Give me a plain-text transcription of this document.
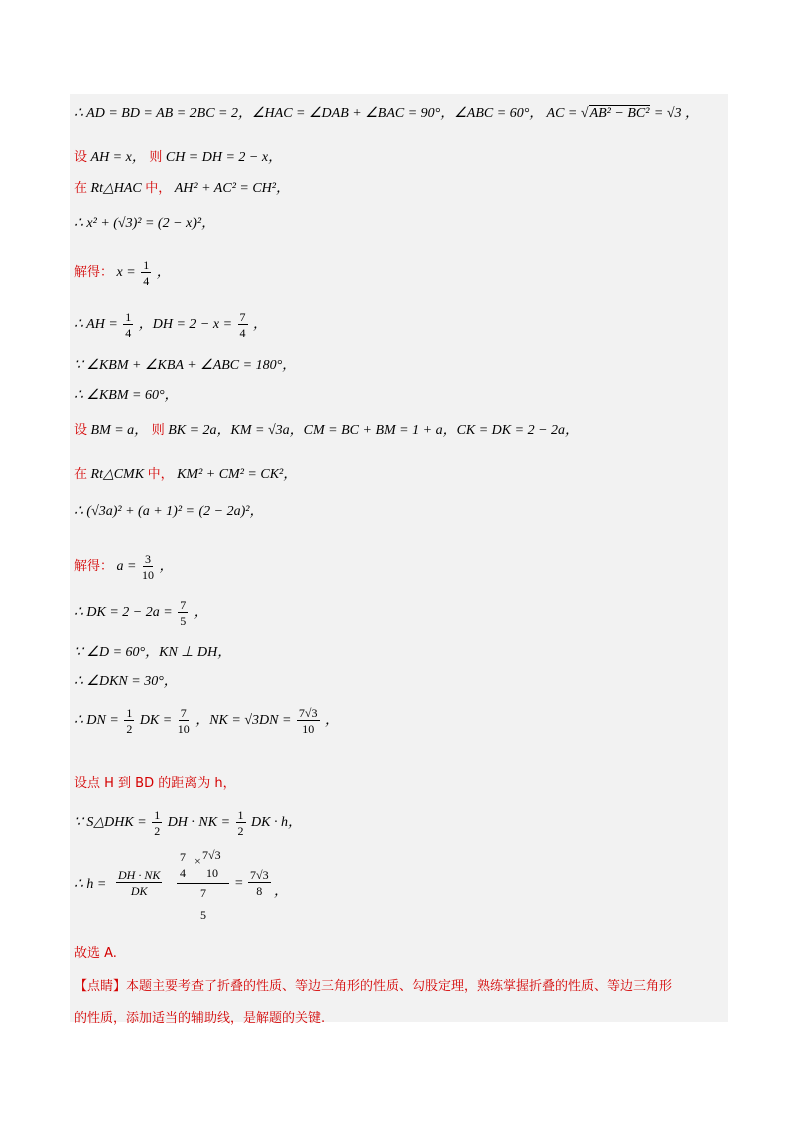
∴ AD = BD = AB = 2BC = 2，∠HAC = ∠DAB + ∠BAC = 90°，∠ABC = 60°， AC = √AB² − BC² = √3 ，
设 AH = x， 则 CH = DH = 2 − x，
在 Rt△HAC 中， AH² + AC² = CH²，
∴ x² + (√3)² = (2 − x)²，
解得： $x = \frac{1}{4}$ ，
∴ AH = $\frac{1}{4}$ ，DH = $2 - x = \frac{7}{4}$ ，
∵ ∠KBM + ∠KBA + ∠ABC = 180°，
∴ ∠KBM = 60°，
设 BM = a， 则 BK = 2a，KM = √3a，CM = BC + BM = 1 + a，CK = DK = 2 − 2a，
在 Rt△CMK 中， KM² + CM² = CK²，
∴ (√3a)² + (a + 1)² = (2 − 2a)²，
解得： $a = \frac{3}{10}$ ，
∴ DK = $2 - 2a = \frac{7}{5}$ ，
∵ ∠D = 60°，KN ⊥ DH，
∴ ∠DKN = 30°，
∴ DN = $\frac{1}{2}$ DK = $\frac{7}{10}$ ，NK = $√3DN = \frac{7√3}{10}$ ，
设点 H 到 BD 的距离为 h，
∵ S△DHK = $\frac{1}{2}$ DH · NK = $\frac{1}{2}$ DK · h，
∴ $h = \frac{DH \cdot NK}{DK}$
7 × 7√3
4 10
7
5
= $\frac{7√3}{8}$ ，
故选 A.
【点睛】本题主要考查了折叠的性质、等边三角形的性质、勾股定理，熟练掌握折叠的性质、等边三角形
的性质，添加适当的辅助线，是解题的关键.
